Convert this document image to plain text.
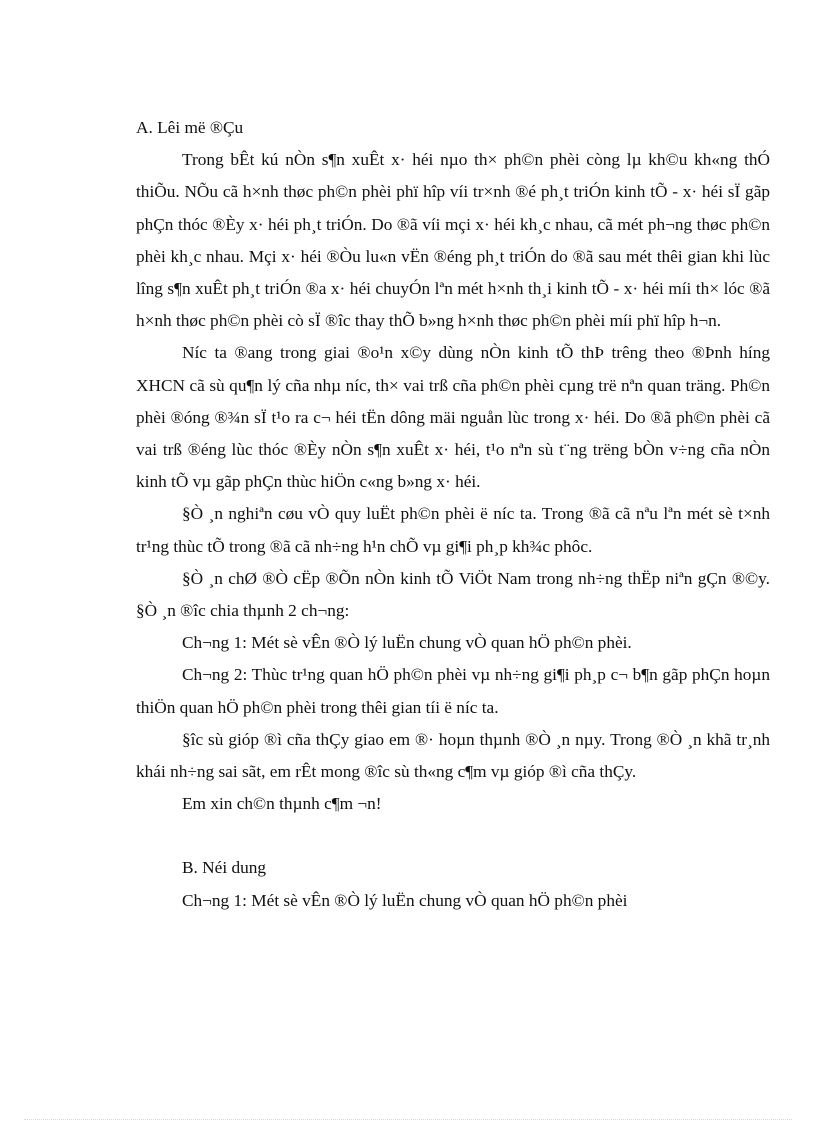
A. Lêi më ®Çu

Trong bÊt kú nÒn s¶n xuÊt x· héi nµo th× ph©n phèi còng lµ kh©u kh«ng thÓ thiÕu. NÕu cã h×nh thøc ph©n phèi phï hîp víi tr×nh ®é ph¸t triÓn kinh tÕ - x· héi sÏ gãp phÇn thóc ®Èy x· héi ph¸t triÓn. Do ®ã víi mçi x· héi kh¸c nhau, cã mét ph¬ng thøc ph©n phèi kh¸c nhau. Mçi x· héi ®Òu lu«n vËn ®éng ph¸t triÓn do ®ã sau mét thêi gian khi lùc lîng s¶n xuÊt ph¸t triÓn ®a x· héi chuyÓn lªn mét h×nh th¸i kinh tÕ - x· héi míi th× lóc ®ã h×nh thøc ph©n phèi cò sÏ ®îc thay thÕ b»ng h×nh thøc ph©n phèi míi phï hîp h¬n.

Níc ta ®ang trong giai ®o¹n x©y dùng nÒn kinh tÕ thÞ trêng theo ®Þnh híng XHCN cã sù qu¶n lý cña nhµ níc, th× vai trß cña ph©n phèi cµng trë nªn quan träng. Ph©n phèi ®óng ®¾n sÏ t¹o ra c¬ héi tËn dông mäi nguån lùc trong x· héi. Do ®ã ph©n phèi cã vai trß ®éng lùc thóc ®Èy nÒn s¶n xuÊt x· héi, t¹o nªn sù t¨ng trëng bÒn v÷ng cña nÒn kinh tÕ vµ gãp phÇn thùc hiÖn c«ng b»ng x· héi.

§Ò ¸n nghiªn cøu vÒ quy luËt ph©n phèi ë níc ta. Trong ®ã cã nªu lªn mét sè t×nh tr¹ng thùc tÕ trong ®ã cã nh÷ng h¹n chÕ vµ gi¶i ph¸p kh¾c phôc.

§Ò ¸n chØ ®Ò cËp ®Õn nÒn kinh tÕ ViÖt Nam trong nh÷ng thËp niªn gÇn ®©y. §Ò ¸n ®îc chia thµnh 2 ch¬ng:

Ch¬ng 1: Mét sè vÊn ®Ò lý luËn chung vÒ quan hÖ ph©n phèi.

Ch¬ng 2: Thùc tr¹ng quan hÖ ph©n phèi vµ nh÷ng gi¶i ph¸p c¬ b¶n gãp phÇn hoµn thiÖn quan hÖ ph©n phèi trong thêi gian tíi ë níc ta.

§îc sù gióp ®ì cña thÇy giao em ®· hoµn thµnh ®Ò ¸n nµy. Trong ®Ò ¸n khã tr¸nh khái nh÷ng sai sãt, em rÊt mong ®îc sù th«ng c¶m vµ gióp ®ì cña thÇy.

Em xin ch©n thµnh c¶m ¬n!

B. Néi dung

Ch¬ng 1: Mét sè vÊn ®Ò lý luËn chung vÒ quan hÖ ph©n phèi
